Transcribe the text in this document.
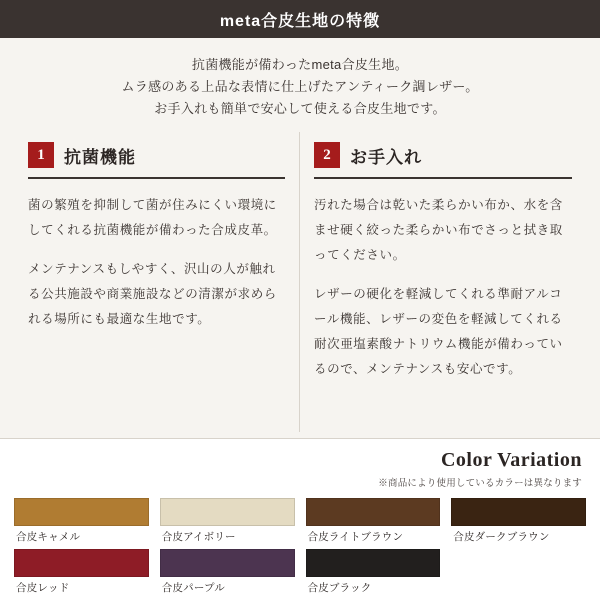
meta合皮生地の特徴
抗菌機能が備わったmeta合皮生地。
ムラ感のある上品な表情に仕上げたアンティーク調レザー。
お手入れも簡単で安心して使える合皮生地です。
1	抗菌機能

菌の繁殖を抑制して菌が住みにくい環境にしてくれる抗菌機能が備わった合成皮革。

メンテナンスもしやすく、沢山の人が触れる公共施設や商業施設などの清潔が求められる場所にも最適な生地です。

2	お手入れ

汚れた場合は乾いた柔らかい布か、水を含ませ硬く絞った柔らかい布でさっと拭き取ってください。

レザーの硬化を軽減してくれる準耐アルコール機能、レザーの変色を軽減してくれる耐次亜塩素酸ナトリウム機能が備わっているので、メンテナンスも安心です。

Color Variation
※商品により使用しているカラーは異なります
合皮キャメル	合皮アイボリー	合皮ライトブラウン	合皮ダークブラウン
合皮レッド	合皮パープル	合皮ブラック
